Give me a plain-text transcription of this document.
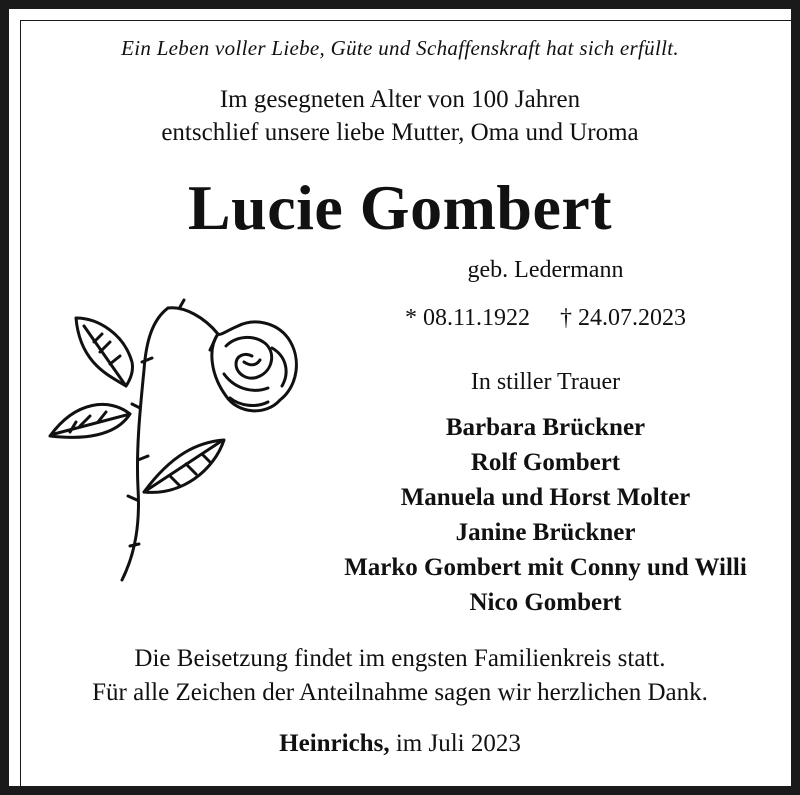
Ein Leben voller Liebe, Güte und Schaffenskraft hat sich erfüllt.
Im gesegneten Alter von 100 Jahren
entschlief unsere liebe Mutter, Oma und Uroma
Lucie Gombert
geb. Ledermann
* 08.11.1922 † 24.07.2023
In stiller Trauer
Barbara Brückner
Rolf Gombert
Manuela und Horst Molter
Janine Brückner
Marko Gombert mit Conny und Willi
Nico Gombert
Die Beisetzung findet im engsten Familienkreis statt.
Für alle Zeichen der Anteilnahme sagen wir herzlichen Dank.
Heinrichs, im Juli 2023
